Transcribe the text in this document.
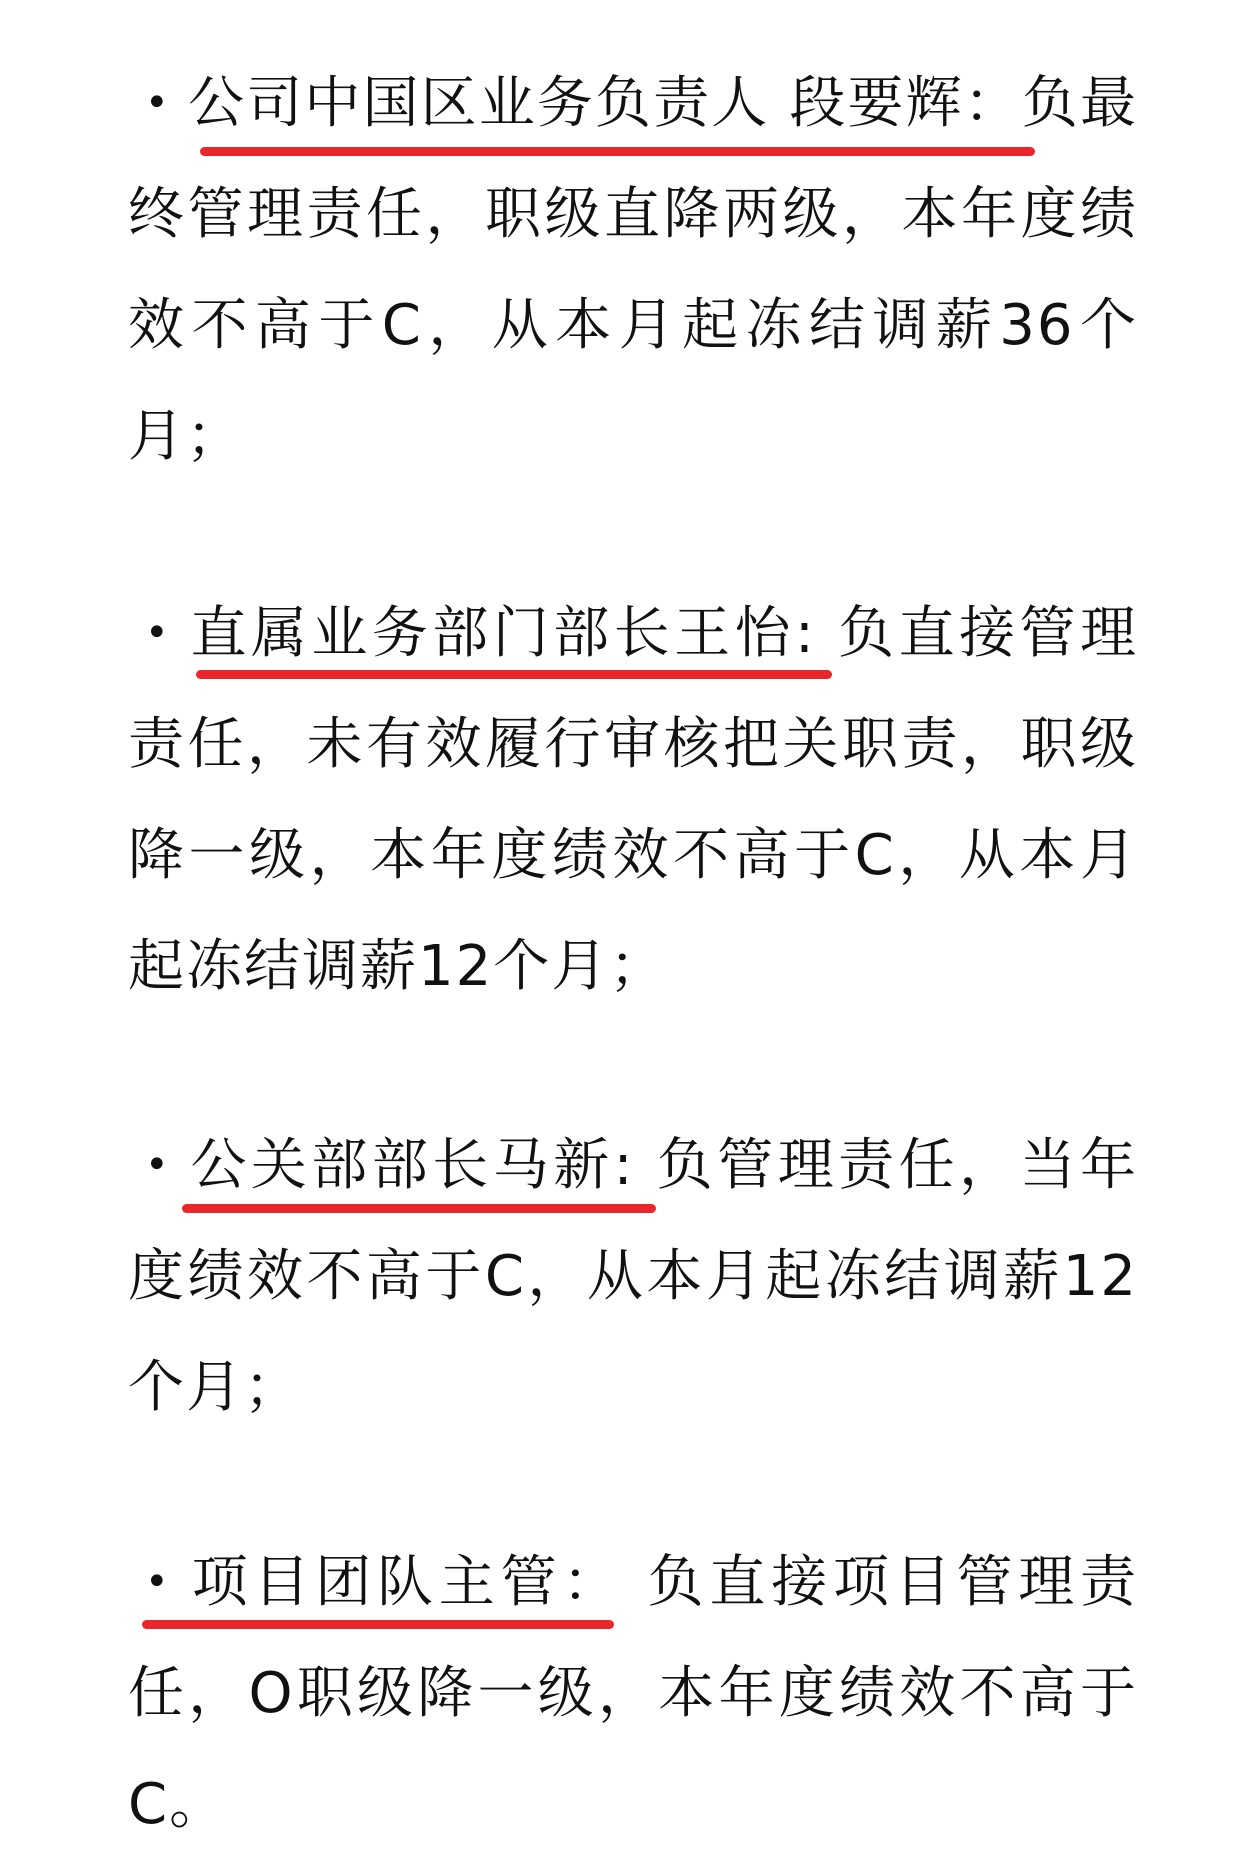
• 公司中国区业务负责人 段要辉：负最终管理责任，职级直降两级，本年度绩效不高于C，从本月起冻结调薪36个月；
• 直属业务部门部长王怡: 负直接管理责任，未有效履行审核把关职责，职级降一级，本年度绩效不高于C，从本月起冻结调薪12个月；
• 公关部部长马新: 负管理责任，当年度绩效不高于C，从本月起冻结调薪12个月；
• 项目团队主管： 负直接项目管理责任，O职级降一级，本年度绩效不高于C。
